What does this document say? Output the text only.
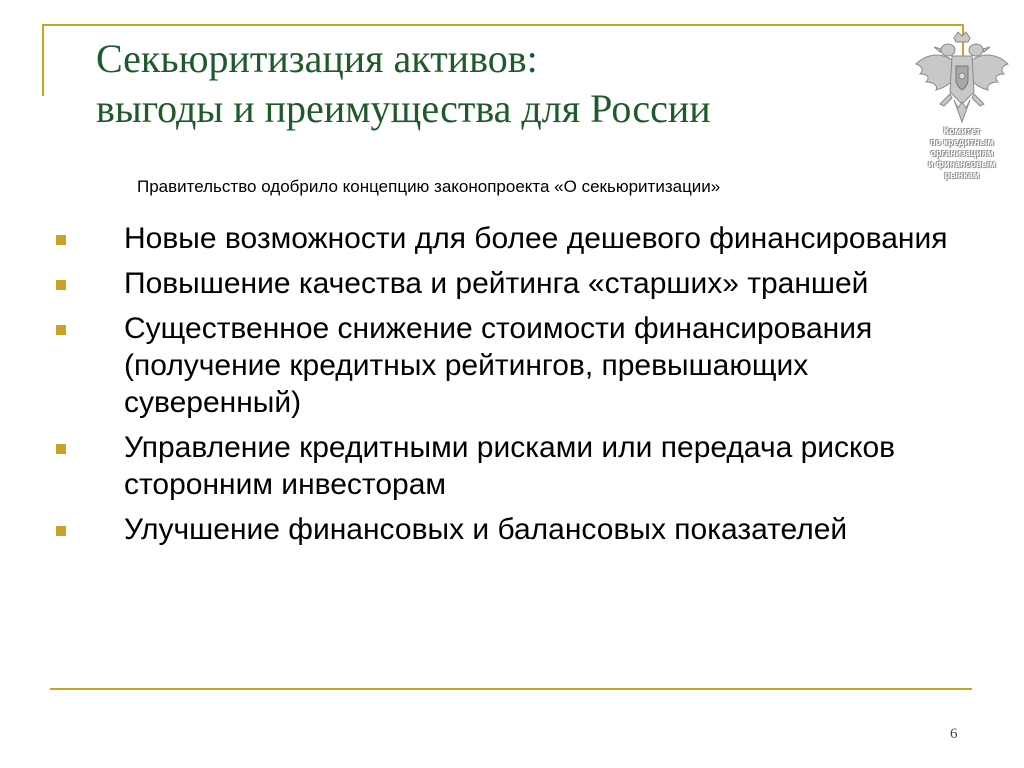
Секьюритизация активов:
выгоды и преимущества для России	Комитет
по кредитным
организациям
и финансовым
рынкам
Правительство одобрило концепцию законопроекта «О секьюритизации»
Новые возможности для более дешевого финансирования
Повышение качества и рейтинга «старших» траншей
Существенное снижение стоимости финансирования (получение кредитных рейтингов, превышающих суверенный)
Управление кредитными рисками или передача рисков сторонним инвесторам
Улучшение финансовых и балансовых показателей
6
